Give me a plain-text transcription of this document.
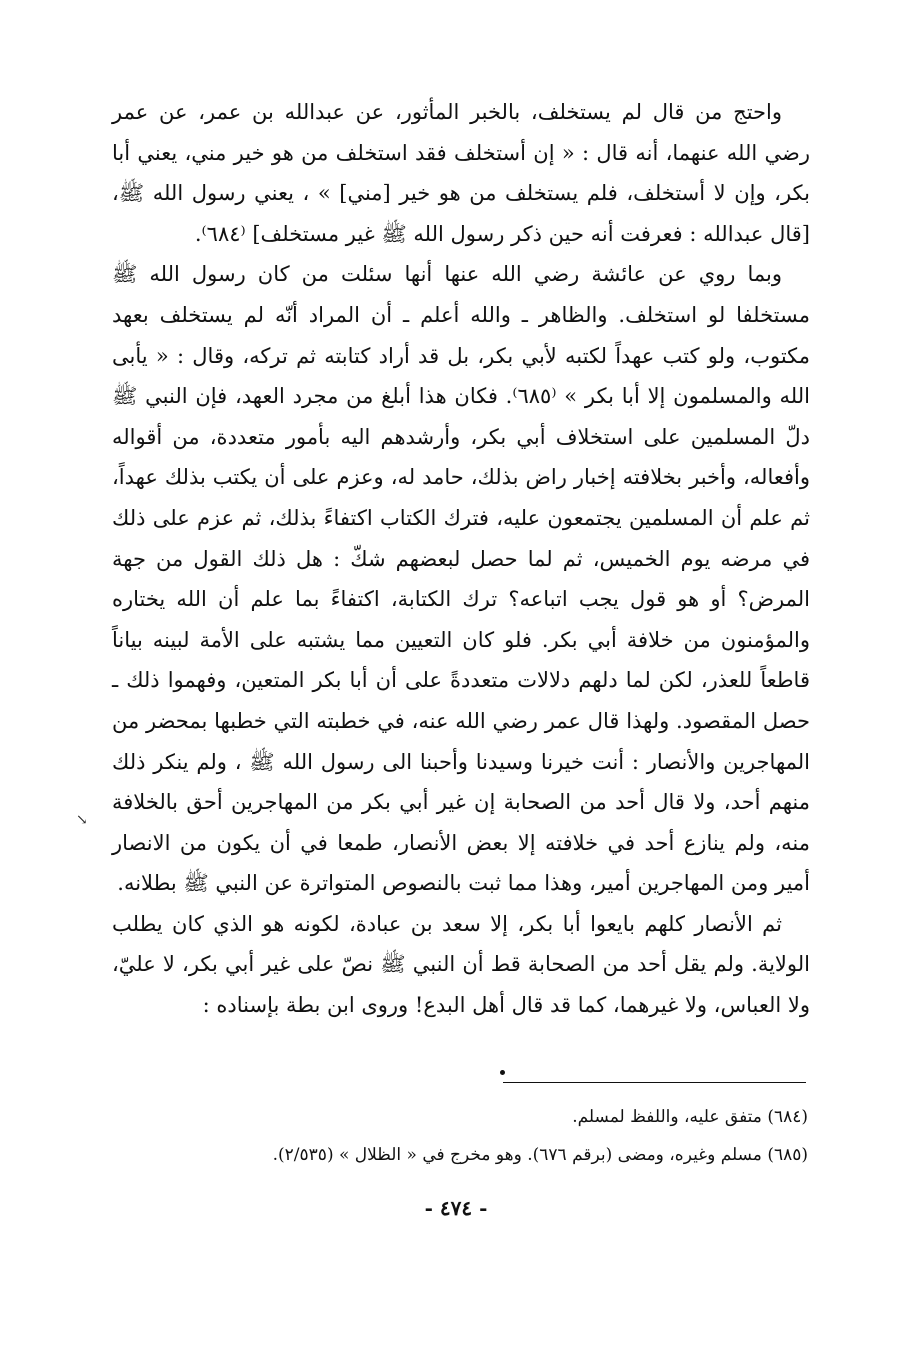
واحتج من قال لم يستخلف، بالخبر المأثور، عن عبدالله بن عمر، عن عمر رضي الله عنهما، أنه قال : « إن أستخلف فقد استخلف من هو خير مني، يعني أبا بكر، وإن لا أستخلف، فلم يستخلف من هو خير [مني] » ، يعني رسول الله ﷺ، [قال عبدالله : فعرفت أنه حين ذكر رسول الله ﷺ غير مستخلف] ⁽٦٨٤⁾.

وبما روي عن عائشة رضي الله عنها أنها سئلت من كان رسول الله ﷺ مستخلفا لو استخلف. والظاهر ـ والله أعلم ـ أن المراد أنّه لم يستخلف بعهد مكتوب، ولو كتب عهداً لكتبه لأبي بكر، بل قد أراد كتابته ثم تركه، وقال : « يأبى الله والمسلمون إلا أبا بكر » ⁽٦٨٥⁾. فكان هذا أبلغ من مجرد العهد، فإن النبي ﷺ دلّ المسلمين على استخلاف أبي بكر، وأرشدهم اليه بأمور متعددة، من أقواله وأفعاله، وأخبر بخلافته إخبار راض بذلك، حامد له، وعزم على أن يكتب بذلك عهداً، ثم علم أن المسلمين يجتمعون عليه، فترك الكتاب اكتفاءً بذلك، ثم عزم على ذلك في مرضه يوم الخميس، ثم لما حصل لبعضهم شكّ : هل ذلك القول من جهة المرض؟ أو هو قول يجب اتباعه؟ ترك الكتابة، اكتفاءً بما علم أن الله يختاره والمؤمنون من خلافة أبي بكر. فلو كان التعيين مما يشتبه على الأمة لبينه بياناً قاطعاً للعذر، لكن لما دلهم دلالات متعددةً على أن أبا بكر المتعين، وفهموا ذلك ـ حصل المقصود. ولهذا قال عمر رضي الله عنه، في خطبته التي خطبها بمحضر من المهاجرين والأنصار : أنت خيرنا وسيدنا وأحبنا الى رسول الله ﷺ ، ولم ينكر ذلك منهم أحد، ولا قال أحد من الصحابة إن غير أبي بكر من المهاجرين أحق بالخلافة منه، ولم ينازع أحد في خلافته إلا بعض الأنصار، طمعا في أن يكون من الانصار أمير ومن المهاجرين أمير، وهذا مما ثبت بالنصوص المتواترة عن النبي ﷺ بطلانه.

ثم الأنصار كلهم بايعوا أبا بكر، إلا سعد بن عبادة، لكونه هو الذي كان يطلب الولاية. ولم يقل أحد من الصحابة قط أن النبي ﷺ نصّ على غير أبي بكر، لا عليّ، ولا العباس، ولا غيرهما، كما قد قال أهل البدع! وروى ابن بطة بإسناده :

↘

(٦٨٤) متفق عليه، واللفظ لمسلم.

(٦٨٥) مسلم وغيره، ومضى (برقم ٦٧٦). وهو مخرج في « الظلال » (٢/٥٣٥).

- ٤٧٤ -
